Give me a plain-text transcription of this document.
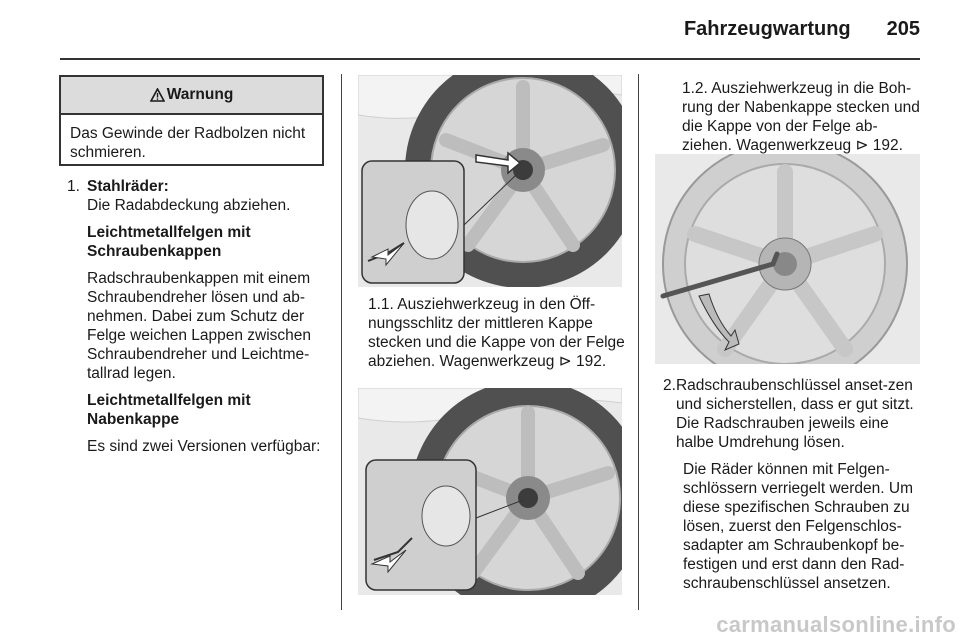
Fahrzeugwartung 205
Warnung
Das Gewinde der Radbolzen nicht schmieren.
1. Stahlräder:
Die Radabdeckung abziehen.
Leichtmetallfelgen mit Schraubenkappen
Radschraubenkappen mit einem Schraubendreher lösen und ab-nehmen. Dabei zum Schutz der Felge weichen Lappen zwischen Schraubendreher und Leichtme-tallrad legen.
Leichtmetallfelgen mit Nabenkappe
Es sind zwei Versionen verfügbar:
1.1. Ausziehwerkzeug in den Öff-nungsschlitz der mittleren Kappe stecken und die Kappe von der Felge abziehen. Wagenwerkzeug ⊳ 192.
1.2. Ausziehwerkzeug in die Boh-rung der Nabenkappe stecken und die Kappe von der Felge ab-ziehen. Wagenwerkzeug ⊳ 192.
2. Radschraubenschlüssel anset-zen und sicherstellen, dass er gut sitzt. Die Radschrauben jeweils eine halbe Umdrehung lösen.
Die Räder können mit Felgen-schlössern verriegelt werden. Um diese spezifischen Schrauben zu lösen, zuerst den Felgenschlos-sadapter am Schraubenkopf be-festigen und erst dann den Rad-schraubenschlüssel ansetzen.
carmanualsonline.info
